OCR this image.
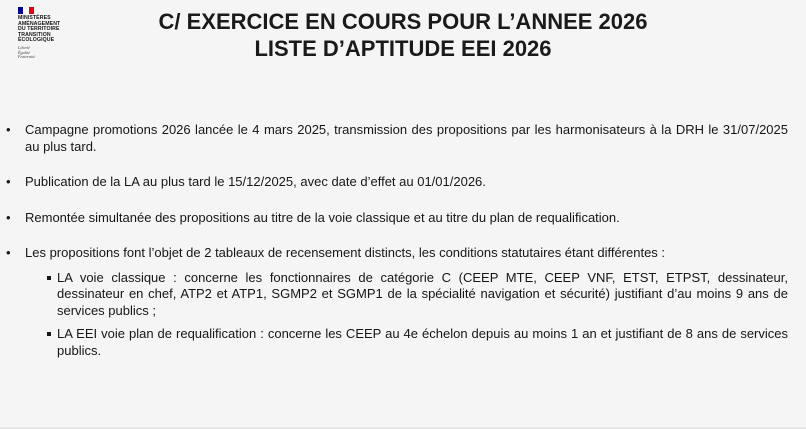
MINISTÈRES
AMÉNAGEMENT
DU TERRITOIRE
TRANSITION
ÉCOLOGIQUE
Liberté
Égalité
Fraternité
C/ EXERCICE EN COURS POUR L’ANNEE 2026
LISTE D’APTITUDE EEI 2026
• Campagne promotions 2026 lancée le 4 mars 2025, transmission des propositions par les harmonisateurs à la DRH le 31/07/2025 au plus tard.
• Publication de la LA au plus tard le 15/12/2025, avec date d’effet au 01/01/2026.
• Remontée simultanée des propositions au titre de la voie classique et au titre du plan de requalification.
• Les propositions font l’objet de 2 tableaux de recensement distincts, les conditions statutaires étant différentes :
LA voie classique : concerne les fonctionnaires de catégorie C (CEEP MTE, CEEP VNF, ETST, ETPST, dessinateur, dessinateur en chef, ATP2 et ATP1, SGMP2 et SGMP1 de la spécialité navigation et sécurité) justifiant d’au moins 9 ans de services publics ;
LA EEI voie plan de requalification : concerne les CEEP au 4e échelon depuis au moins 1 an et justifiant de 8 ans de services publics.
